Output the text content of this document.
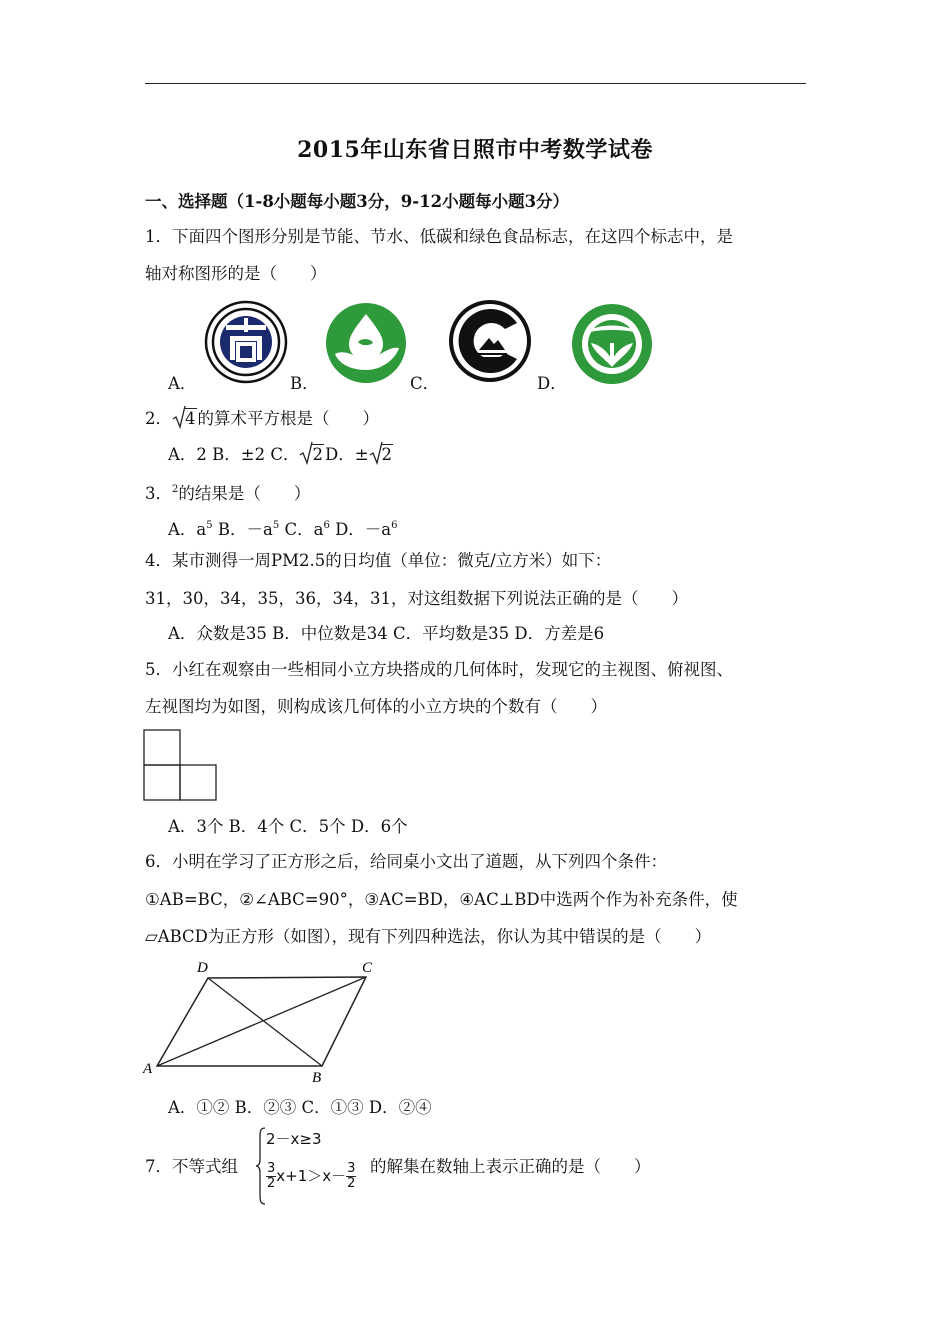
2015年山东省日照市中考数学试卷
一、选择题（1-8小题每小题3分，9-12小题每小题3分）
1．下面四个图形分别是节能、节水、低碳和绿色食品标志，在这四个标志中，是
轴对称图形的是（　　）
A．	B．	C．	D．
2． 4 的算术平方根是（　　）
A．2 B．±2 C． 2 D．± 2
3．$^2$的结果是（　　）
A．$a^5$ B．$-a^5$ C．$a^6$ D．$-a^6$
4．某市测得一周PM2.5的日均值（单位：微克/立方米）如下：
31，30，34，35，36，34，31，对这组数据下列说法正确的是（　　）
A．众数是35 B．中位数是34 C．平均数是35 D．方差是6
5．小红在观察由一些相同小立方块搭成的几何体时，发现它的主视图、俯视图、
左视图均为如图，则构成该几何体的小立方块的个数有（　　）
A．3个 B．4个 C．5个 D．6个
6．小明在学习了正方形之后，给同桌小文出了道题，从下列四个条件：
①AB=BC，②∠ABC=90°，③AC=BD，④AC⊥BD中选两个作为补充条件，使
▱ABCD为正方形（如图），现有下列四种选法，你认为其中错误的是（　　）
D	C
A
B
A．①② B．②③ C．①③ D．②④
7．不等式组
2－x≥3
$\frac{3}{2} x+1>x- \frac{3}{2}$ 的解集在数轴上表示正确的是（　　）
